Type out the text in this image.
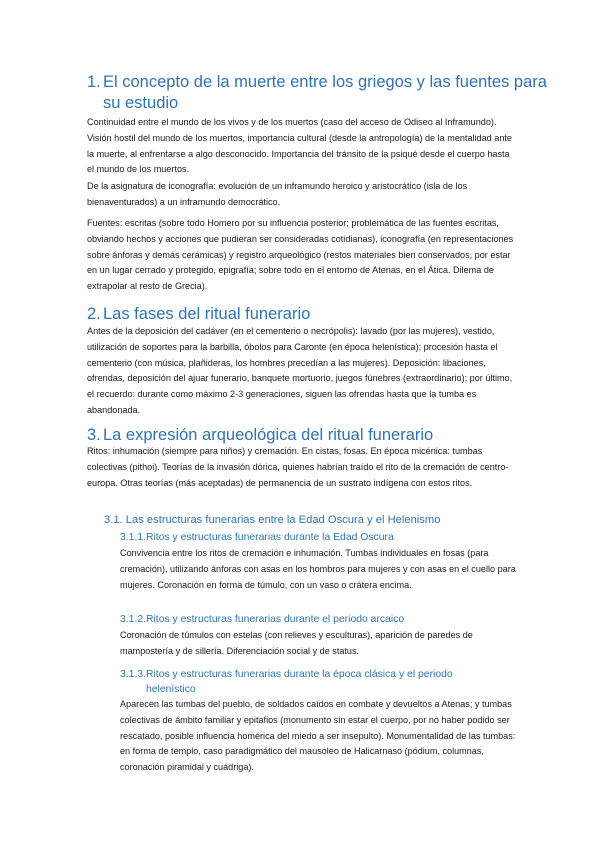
1. El concepto de la muerte entre los griegos y las fuentes para su estudio
Continuidad entre el mundo de los vivos y de los muertos (caso del acceso de Odiseo al Inframundo). Visión hostil del mundo de los muertos, importancia cultural (desde la antropología) de la mentalidad ante la muerte, al enfrentarse a algo desconocido. Importancia del tránsito de la psiqué desde el cuerpo hasta el mundo de los muertos.
De la asignatura de iconografía: evolución de un inframundo heroico y aristocrático (isla de los bienaventurados) a un inframundo democrático.
Fuentes: escritas (sobre todo Homero por su influencia posterior; problemática de las fuentes escritas, obviando hechos y acciones que pudieran ser consideradas cotidianas), iconografía (en representaciones sobre ánforas y demás cerámicas) y registro arqueológico (restos materiales bien conservados, por estar en un lugar cerrado y protegido, epigrafía; sobre todo en el entorno de Atenas, en el Ática. Dilema de extrapolar al resto de Grecia).
2. Las fases del ritual funerario
Antes de la deposición del cadáver (en el cementerio o necrópolis): lavado (por las mujeres), vestido, utilización de soportes para la barbilla, óbolos para Caronte (en época helenística); procesión hasta el cementerio (con música, plañideras, los hombres precedían a las mujeres). Deposición: libaciones, ofrendas, deposición del ajuar funerario, banquete mortuorio, juegos fúnebres (extraordinario); por último, el recuerdo: durante como máximo 2-3 generaciones, siguen las ofrendas hasta que la tumba es abandonada.
3. La expresión arqueológica del ritual funerario
Ritos: inhumación (siempre para niños) y cremación. En cistas, fosas. En época micénica: tumbas colectivas (pithoi). Teorías de la invasión dórica, quienes habrían traído el rito de la cremación de centro-europa. Otras teorías (más aceptadas) de permanencia de un sustrato indígena con estos ritos.
3.1. Las estructuras funerarias entre la Edad Oscura y el Helenismo
3.1.1. Ritos y estructuras funerarias durante la Edad Oscura
Convivencia entre los ritos de cremación e inhumación. Tumbas individuales en fosas (para cremación), utilizando ánforas con asas en los hombros para mujeres y con asas en el cuello para mujeres. Coronación en forma de túmulo, con un vaso o crátera encima.
3.1.2. Ritos y estructuras funerarias durante el periodo arcaico
Coronación de túmulos con estelas (con relieves y esculturas), aparición de paredes de mampostería y de sillería. Diferenciación social y de status.
3.1.3. Ritos y estructuras funerarias durante la época clásica y el periodo helenístico
Aparecen las tumbas del pueblo, de soldados caídos en combate y devueltos a Atenas; y tumbas colectivas de ámbito familiar y epitafios (monumento sin estar el cuerpo, por no haber podido ser rescatado, posible influencia homérica del miedo a ser insepulto). Monumentalidad de las tumbas: en forma de templo, caso paradigmático del mausoleo de Halicarnaso (pódium, columnas, coronación piramidal y cuádriga).
